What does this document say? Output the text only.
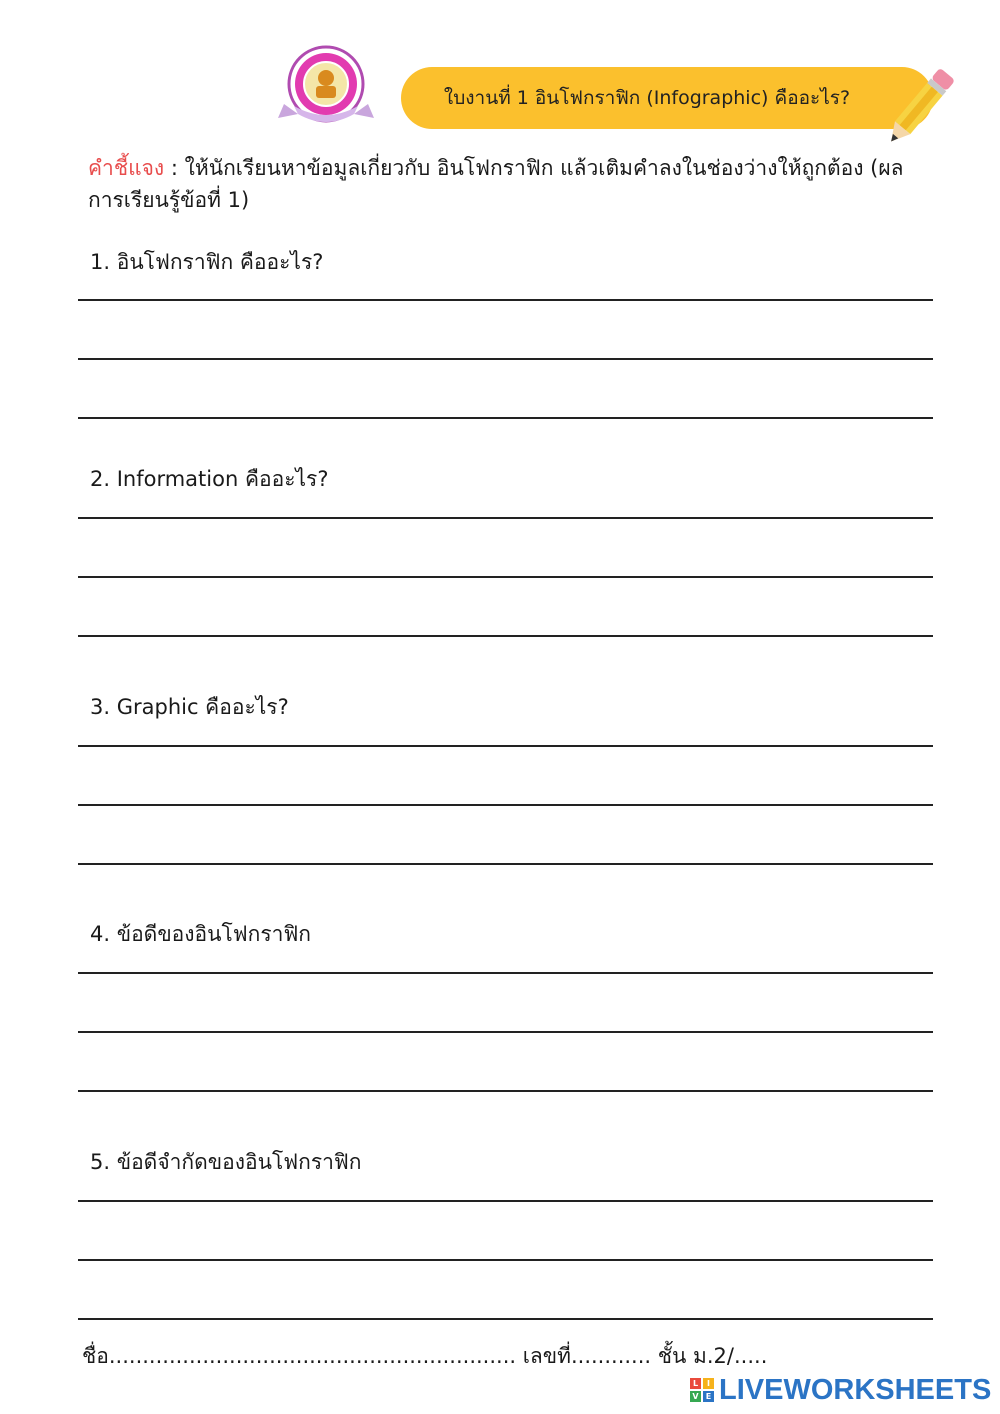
ใบงานที่ 1 อินโฟกราฟิก (Infographic) คืออะไร?
คำชี้แจง : ให้นักเรียนหาข้อมูลเกี่ยวกับ อินโฟกราฟิก แล้วเติมคำลงในช่องว่างให้ถูกต้อง (ผลการเรียนรู้ข้อที่ 1)
1. อินโฟกราฟิก คืออะไร?
2. Information คืออะไร?
3. Graphic คืออะไร?
4. ข้อดีของอินโฟกราฟิก
5. ข้อดีจำกัดของอินโฟกราฟิก
ชื่อ............................................................. เลขที่............ ชั้น ม.2/.....
L	I
V E LIVEWORKSHEETS
